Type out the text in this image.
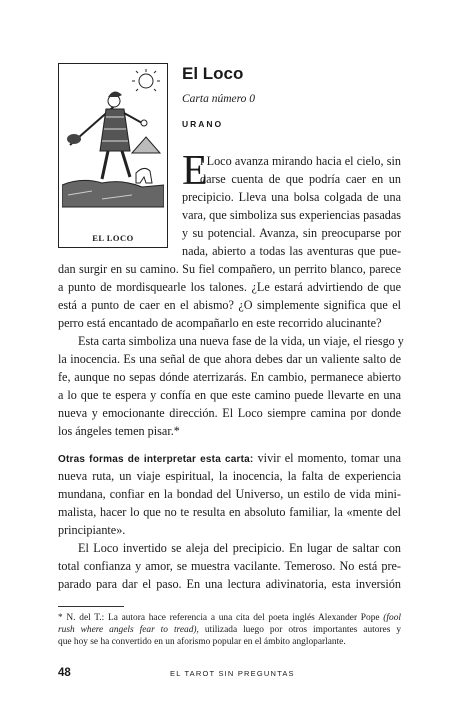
EL LOCO
El Loco
Carta número 0
URANO
E
l Loco avanza mirando hacia el cielo, sin
darse cuenta de que podría caer en un
precipicio. Lleva una bolsa colgada de una
vara, que simboliza sus experiencias pasadas
y su potencial. Avanza, sin preocuparse por
nada, abierto a todas las aventuras que pue-
dan surgir en su camino. Su fiel compañero, un perrito blanco, parece
a punto de mordisquearle los talones. ¿Le estará advirtiendo de que
está a punto de caer en el abismo? ¿O simplemente significa que el
perro está encantado de acompañarlo en este recorrido alucinante?
Esta carta simboliza una nueva fase de la vida, un viaje, el riesgo y
la inocencia. Es una señal de que ahora debes dar un valiente salto de
fe, aunque no sepas dónde aterrizarás. En cambio, permanece abierto
a lo que te espera y confía en que este camino puede llevarte en una
nueva y emocionante dirección. El Loco siempre camina por donde
los ángeles temen pisar.*
Otras formas de interpretar esta carta: vivir el momento, tomar una
nueva ruta, un viaje espiritual, la inocencia, la falta de experiencia
mundana, confiar en la bondad del Universo, un estilo de vida mini-
malista, hacer lo que no te resulta en absoluto familiar, la «mente del
principiante».
El Loco invertido se aleja del precipicio. En lugar de saltar con
total confianza y amor, se muestra vacilante. Temeroso. No está pre-
parado para dar el paso. En una lectura adivinatoria, esta inversión
* N. del T.: La autora hace referencia a una cita del poeta inglés Alexander Pope (fool
rush where angels fear to tread), utilizada luego por otros importantes autores y
que hoy se ha convertido en un aforismo popular en el ámbito angloparlante.
48	EL TAROT SIN PREGUNTAS
